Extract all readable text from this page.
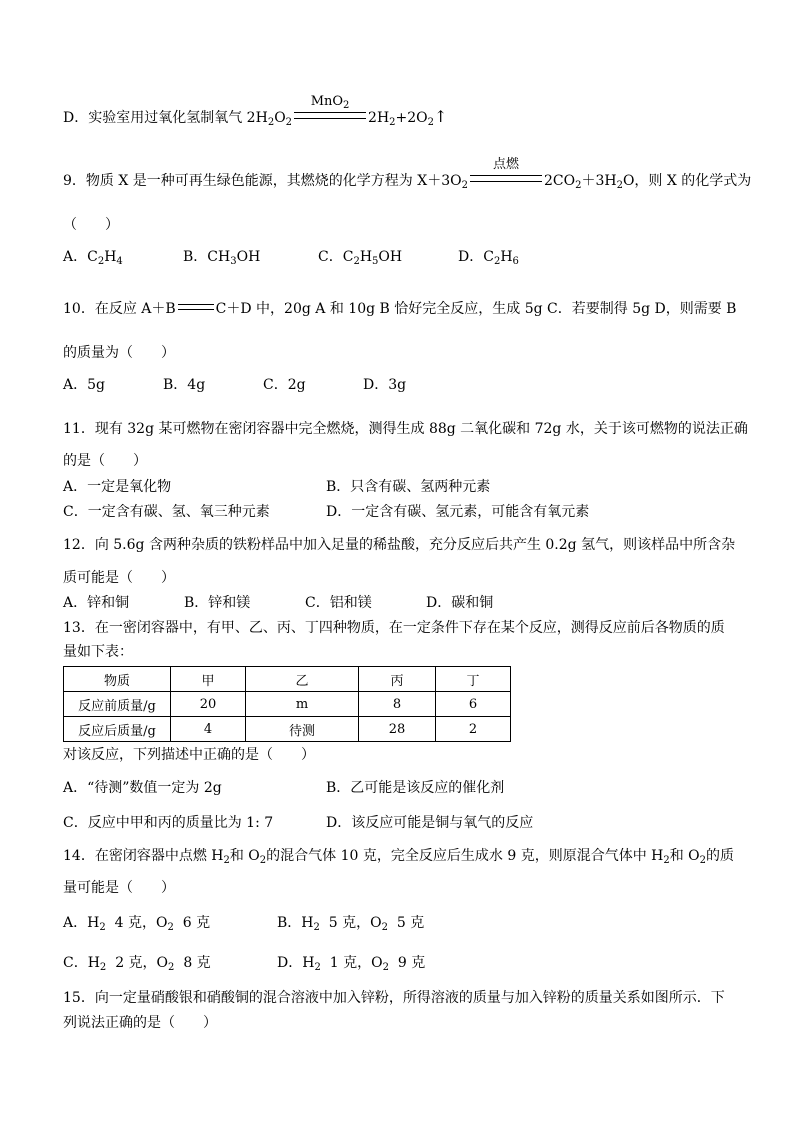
D．实验室用过氧化氢制氧气 $2H_2O_2$
MnO$_2$
$2H_2+2O_2↑$
9．物质 X 是一种可再生绿色能源，其燃烧的化学方程为 $X+3O_2$
点燃
$2CO_2+3H_2O$，则 X 的化学式为
（　　）
A．$C_2H_4$	B．$CH_3OH$	C．$C_2H_5OH$	D．$C_2H_6$
10．在反应 A＋B	C＋D 中，20g A 和 10g B 恰好完全反应，生成 5g C．若要制得 5g D，则需要 B
的质量为（　　）
A．5g	B．4g	C．2g	D．3g
11．现有 32g 某可燃物在密闭容器中完全燃烧，测得生成 88g 二氧化碳和 72g 水，关于该可燃物的说法正确
的是（　　）
A．一定是氧化物	B．只含有碳、氢两种元素
C．一定含有碳、氢、氧三种元素	D．一定含有碳、氢元素，可能含有氧元素
12．向 5.6g 含两种杂质的铁粉样品中加入足量的稀盐酸，充分反应后共产生 0.2g 氢气，则该样品中所含杂
质可能是（　　）
A．锌和铜	B．锌和镁	C．铝和镁	D．碳和铜
13．在一密闭容器中，有甲、乙、丙、丁四种物质，在一定条件下存在某个反应，测得反应前后各物质的质
量如下表：
物质	甲	乙	丙	丁
反应前质量/g	20	m	8	6
反应后质量/g	4	待测	28	2
对该反应，下列描述中正确的是（　　）
A．“待测”数值一定为 2g	B．乙可能是该反应的催化剂
C．反应中甲和丙的质量比为 1: 7	D．该反应可能是铜与氧气的反应
14．在密闭容器中点燃 $H_2$和 $O_2$的混合气体 10 克，完全反应后生成水 9 克，则原混合气体中 $H_2$和 $O_2$的质
量可能是（　　）
A．$H_2$ 4 克，$O_2$ 6 克	B．$H_2$ 5 克，$O_2$ 5 克
C．$H_2$ 2 克，$O_2$ 8 克	D．$H_2$ 1 克，$O_2$ 9 克
15．向一定量硝酸银和硝酸铜的混合溶液中加入锌粉，所得溶液的质量与加入锌粉的质量关系如图所示．下
列说法正确的是（　　）
